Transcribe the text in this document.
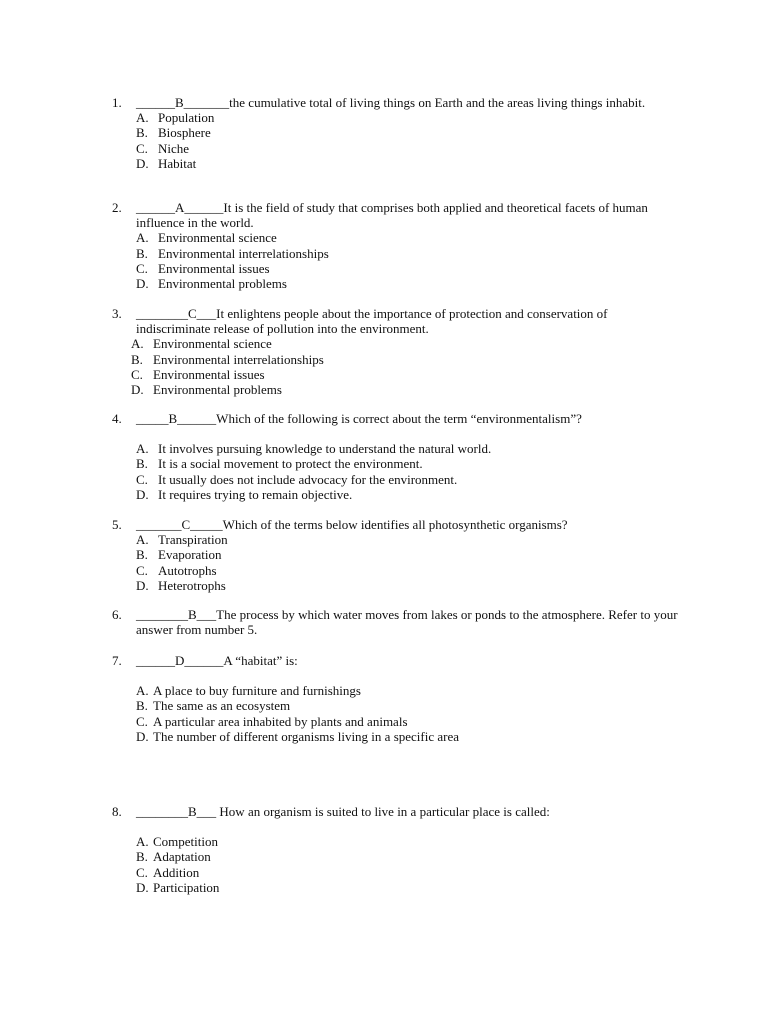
1. ______B_______the cumulative total of living things on Earth and the areas living things inhabit.
A. Population
B. Biosphere
C. Niche
D. Habitat
2. ______A______It is the field of study that comprises both applied and theoretical facets of human influence in the world.
A. Environmental science
B. Environmental interrelationships
C. Environmental issues
D. Environmental problems
3. ________C___It enlightens people about the importance of protection and conservation of indiscriminate release of pollution into the environment.
A. Environmental science
B. Environmental interrelationships
C. Environmental issues
D. Environmental problems
4. _____B______Which of the following is correct about the term “environmentalism”?
A. It involves pursuing knowledge to understand the natural world.
B. It is a social movement to protect the environment.
C. It usually does not include advocacy for the environment.
D. It requires trying to remain objective.
5. _______C_____Which of the terms below identifies all photosynthetic organisms?
A. Transpiration
B. Evaporation
C. Autotrophs
D. Heterotrophs
6. ________B___The process by which water moves from lakes or ponds to the atmosphere. Refer to your answer from number 5.
7. ______D______A “habitat” is:
A. A place to buy furniture and furnishings
B. The same as an ecosystem
C. A particular area inhabited by plants and animals
D. The number of different organisms living in a specific area
8. ________B___ How an organism is suited to live in a particular place is called:
A. Competition
B. Adaptation
C. Addition
D. Participation
